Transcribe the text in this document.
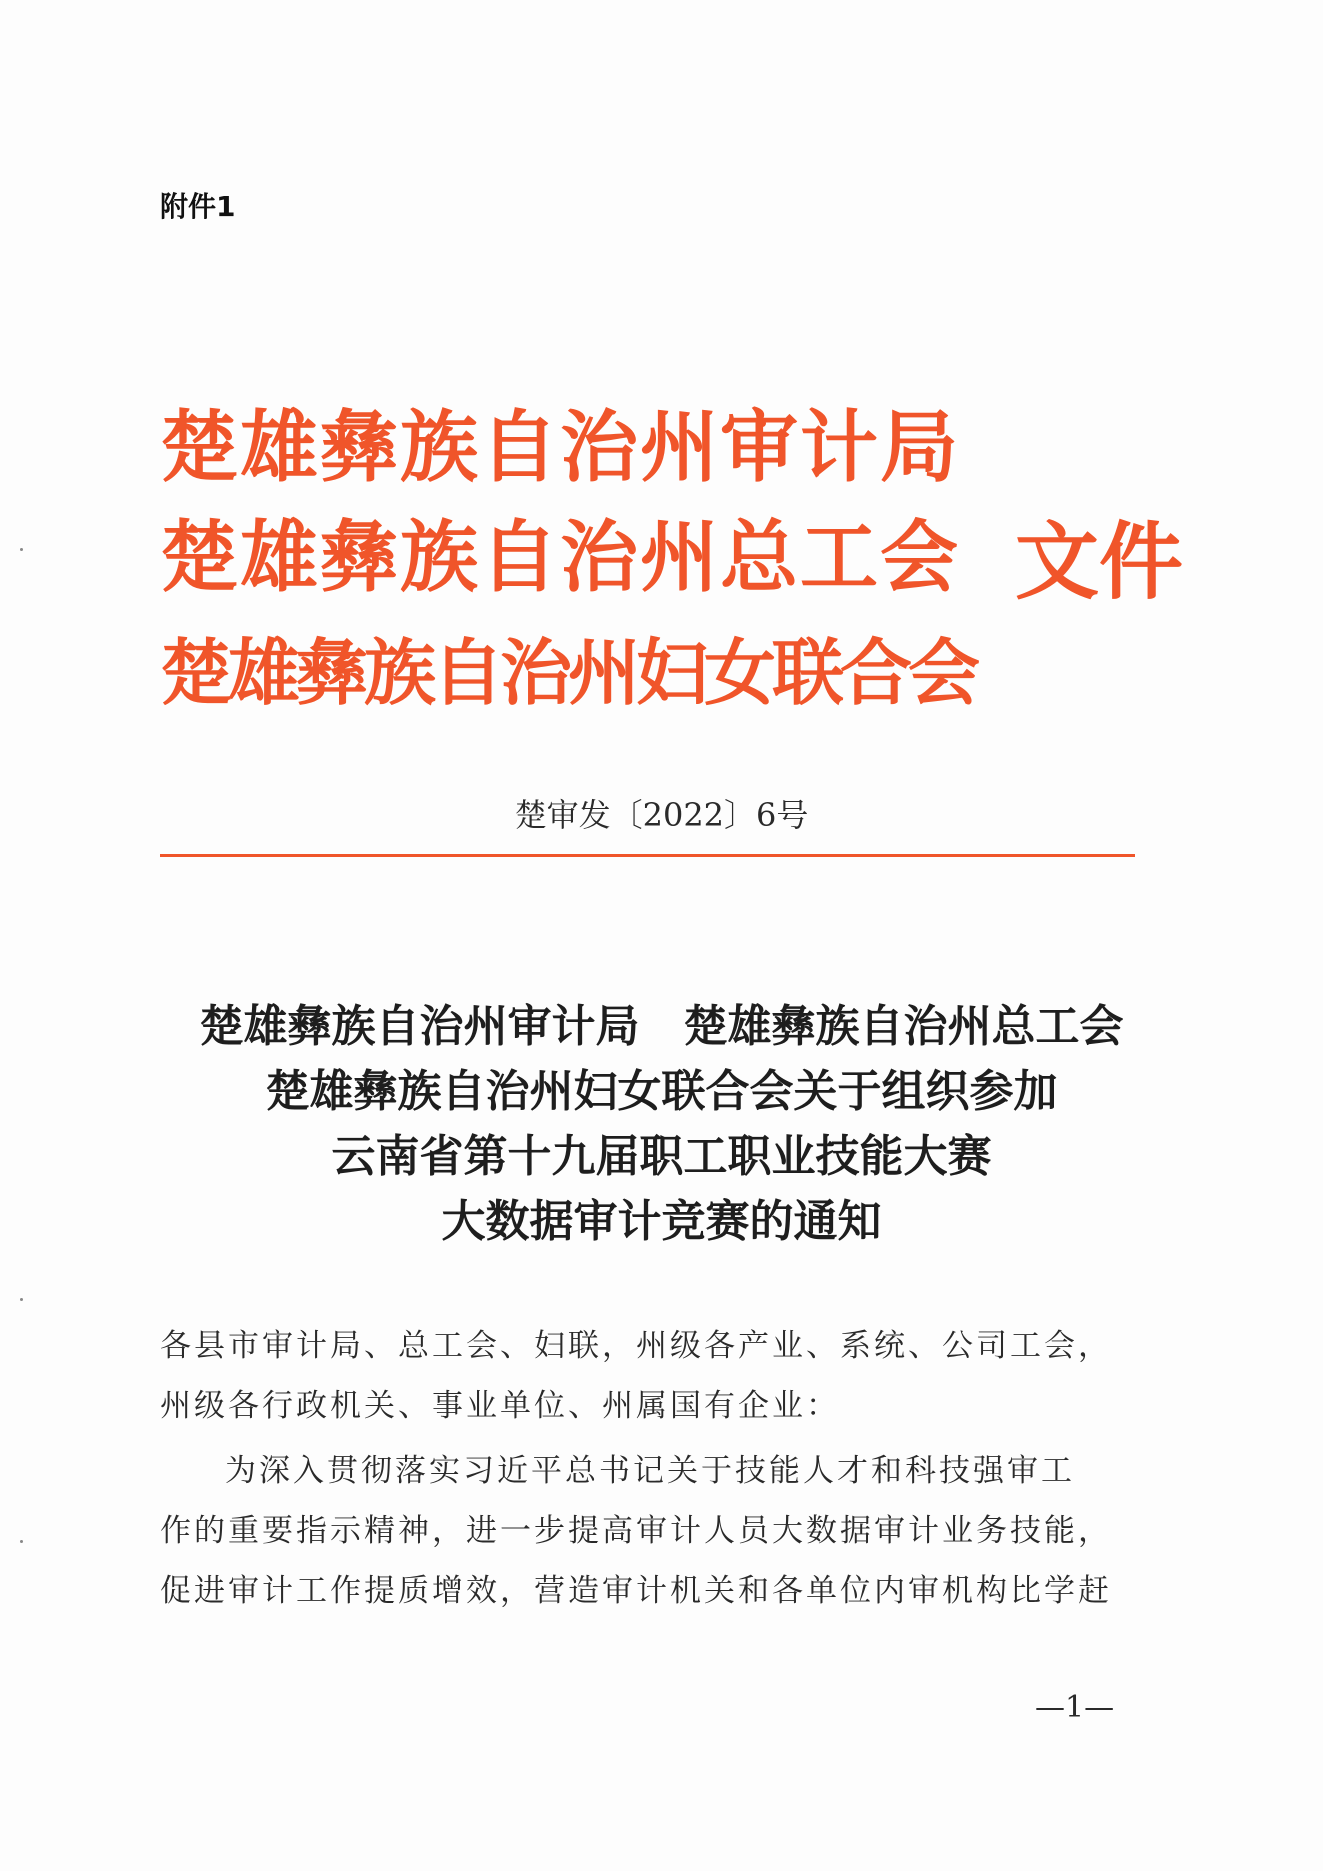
附件1
楚雄彝族自治州审计局
楚雄彝族自治州总工会 文件
楚雄彝族自治州妇女联合会
楚审发〔2022〕6号
楚雄彝族自治州审计局　楚雄彝族自治州总工会
楚雄彝族自治州妇女联合会关于组织参加
云南省第十九届职工职业技能大赛
大数据审计竞赛的通知
各县市审计局、总工会、妇联，州级各产业、系统、公司工会，
州级各行政机关、事业单位、州属国有企业：
为深入贯彻落实习近平总书记关于技能人才和科技强审工
作的重要指示精神，进一步提高审计人员大数据审计业务技能，
促进审计工作提质增效，营造审计机关和各单位内审机构比学赶
—1—
